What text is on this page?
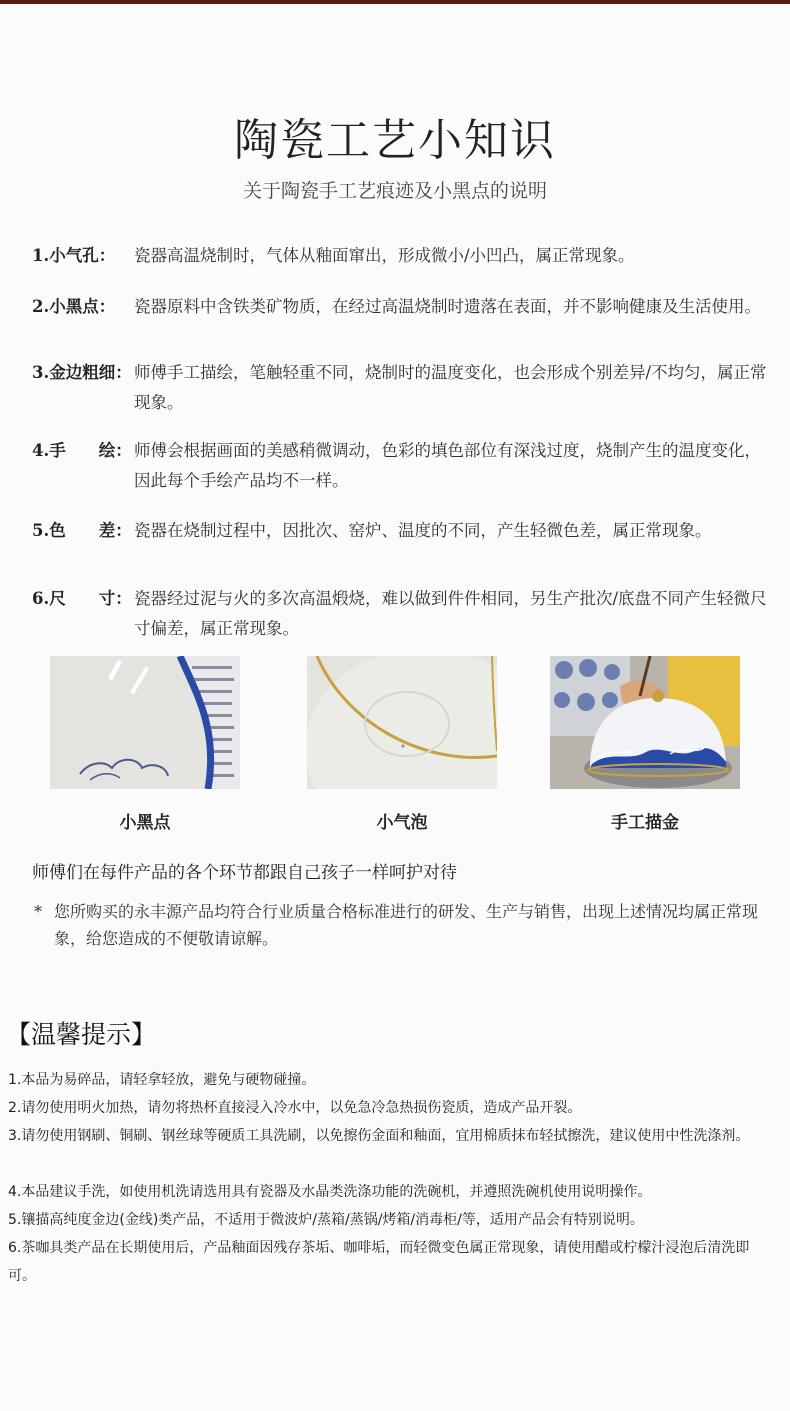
陶瓷工艺小知识
关于陶瓷手工艺痕迹及小黑点的说明
1.小气孔：	瓷器高温烧制时，气体从釉面窜出，形成微小/小凹凸，属正常现象。
2.小黑点：	瓷器原料中含铁类矿物质，在经过高温烧制时遗落在表面，并不影响健康及生活使用。
3.金边粗细： 师傅手工描绘，笔触轻重不同，烧制时的温度变化，也会形成个别差异/不均匀，属正常现象。
4.手　　绘： 师傅会根据画面的美感稍微调动，色彩的填色部位有深浅过度，烧制产生的温度变化，因此每个手绘产品均不一样。
5.色　　差： 瓷器在烧制过程中，因批次、窑炉、温度的不同，产生轻微色差，属正常现象。
6.尺　　寸： 瓷器经过泥与火的多次高温煅烧，难以做到件件相同，另生产批次/底盘不同产生轻微尺寸偏差，属正常现象。
小黑点	小气泡	手工描金
师傅们在每件产品的各个环节都跟自己孩子一样呵护对待
* 您所购买的永丰源产品均符合行业质量合格标准进行的研发、生产与销售，出现上述情况均属正常现象，给您造成的不便敬请谅解。
【温馨提示】
1.本品为易碎品，请轻拿轻放，避免与硬物碰撞。
2.请勿使用明火加热，请勿将热杯直接浸入冷水中，以免急冷急热损伤瓷质，造成产品开裂。
3.请勿使用钢刷、铜刷、钢丝球等硬质工具洗刷，以免擦伤金面和釉面，宜用棉质抹布轻拭擦洗，建议使用中性洗涤剂。
4.本品建议手洗，如使用机洗请选用具有瓷器及水晶类洗涤功能的洗碗机，并遵照洗碗机使用说明操作。
5.镶描高纯度金边(金线)类产品，不适用于微波炉/蒸箱/蒸锅/烤箱/消毒柜/等，适用产品会有特别说明。
6.茶咖具类产品在长期使用后，产品釉面因残存茶垢、咖啡垢，而轻微变色属正常现象，请使用醋或柠檬汁浸泡后清洗即可。
